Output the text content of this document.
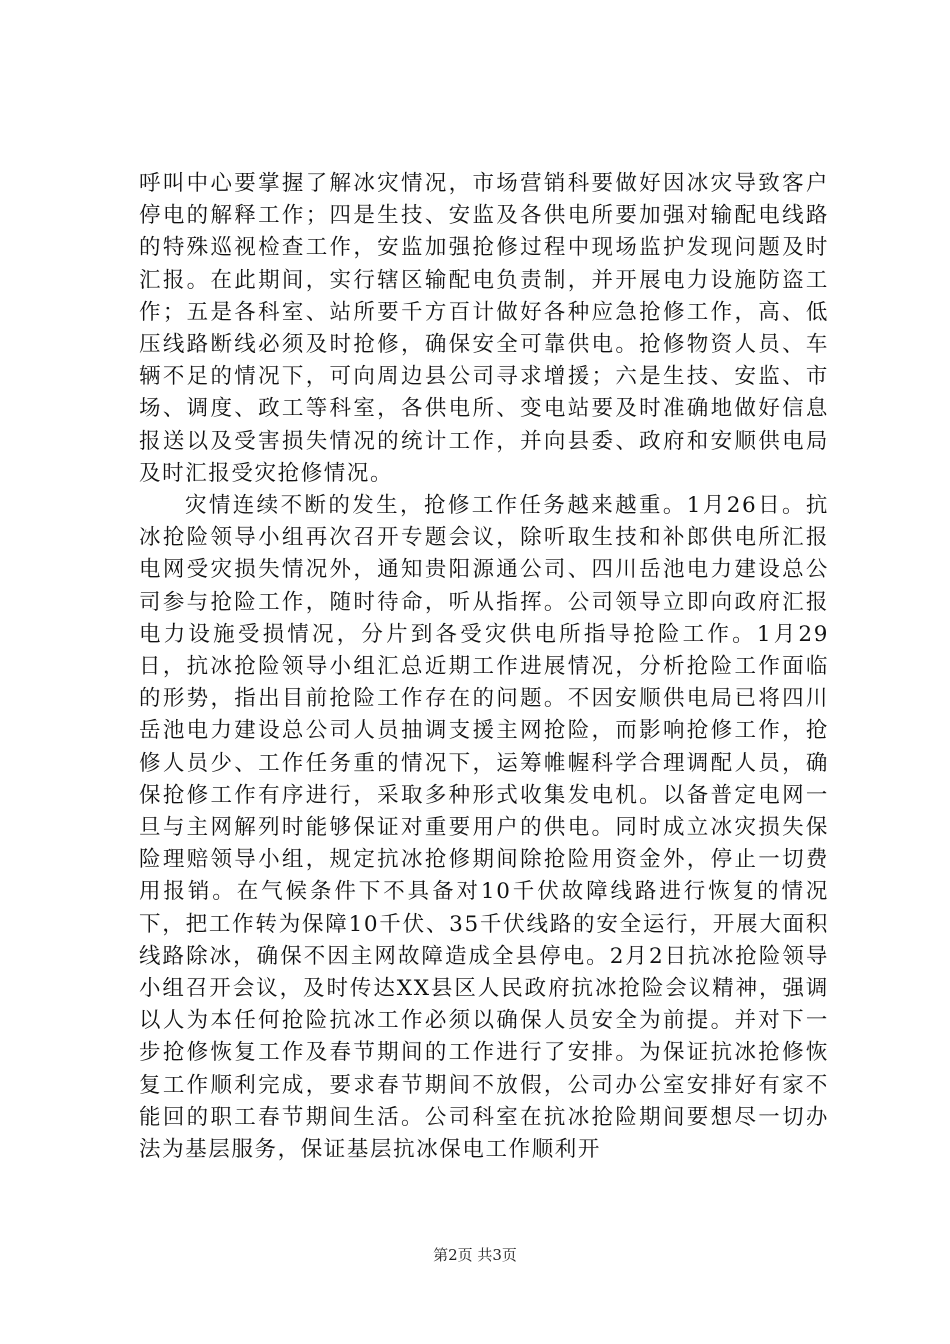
呼叫中心要掌握了解冰灾情况，市场营销科要做好因冰灾导致客户停电的解释工作；四是生技、安监及各供电所要加强对输配电线路的特殊巡视检查工作，安监加强抢修过程中现场监护发现问题及时汇报。在此期间，实行辖区输配电负责制，并开展电力设施防盗工作；五是各科室、站所要千方百计做好各种应急抢修工作，高、低压线路断线必须及时抢修，确保安全可靠供电。抢修物资人员、车辆不足的情况下，可向周边县公司寻求增援；六是生技、安监、市场、调度、政工等科室，各供电所、变电站要及时准确地做好信息报送以及受害损失情况的统计工作，并向县委、政府和安顺供电局及时汇报受灾抢修情况。

灾情连续不断的发生，抢修工作任务越来越重。1月26日。抗冰抢险领导小组再次召开专题会议，除听取生技和补郎供电所汇报电网受灾损失情况外，通知贵阳源通公司、四川岳池电力建设总公司参与抢险工作，随时待命，听从指挥。公司领导立即向政府汇报电力设施受损情况，分片到各受灾供电所指导抢险工作。1月29日，抗冰抢险领导小组汇总近期工作进展情况，分析抢险工作面临的形势，指出目前抢险工作存在的问题。不因安顺供电局已将四川岳池电力建设总公司人员抽调支援主网抢险，而影响抢修工作，抢修人员少、工作任务重的情况下，运筹帷幄科学合理调配人员，确保抢修工作有序进行，采取多种形式收集发电机。以备普定电网一旦与主网解列时能够保证对重要用户的供电。同时成立冰灾损失保险理赔领导小组，规定抗冰抢修期间除抢险用资金外，停止一切费用报销。在气候条件下不具备对10千伏故障线路进行恢复的情况下，把工作转为保障10千伏、35千伏线路的安全运行，开展大面积线路除冰，确保不因主网故障造成全县停电。2月2日抗冰抢险领导小组召开会议，及时传达XX县区人民政府抗冰抢险会议精神，强调以人为本任何抢险抗冰工作必须以确保人员安全为前提。并对下一步抢修恢复工作及春节期间的工作进行了安排。为保证抗冰抢修恢复工作顺利完成，要求春节期间不放假，公司办公室安排好有家不能回的职工春节期间生活。公司科室在抗冰抢险期间要想尽一切办法为基层服务，保证基层抗冰保电工作顺利开

第2页 共3页
